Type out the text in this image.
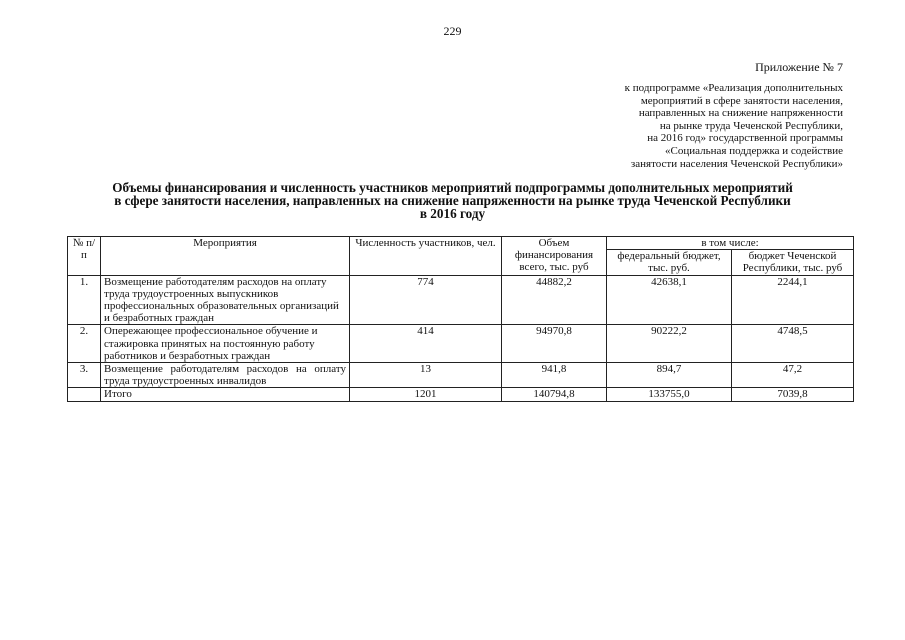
229
Приложение № 7
к подпрограмме «Реализация дополнительных
мероприятий в сфере занятости населения,
направленных на снижение напряженности
на рынке труда Чеченской Республики,
на 2016 год» государственной программы
«Социальная поддержка и содействие
занятости населения Чеченской Республики»
Объемы финансирования и численность участников мероприятий подпрограммы дополнительных мероприятий
в сфере занятости населения, направленных на снижение напряженности на рынке труда Чеченской Республики
в 2016 году
№ п/п	Мероприятия	Численность участников, чел.	Объем финансирования всего, тыс. руб	в том числе:	
				федеральный бюджет, тыс. руб.	бюджет Чеченской Республики, тыс. руб
1.	Возмещение работодателям расходов на оплату труда трудоустроенных выпускников профессиональных образовательных организаций и безработных граждан	774	44882,2	42638,1	2244,1
2.	Опережающее профессиональное обучение и стажировка принятых на постоянную работу работников и безработных граждан	414	94970,8	90222,2	4748,5
3.	Возмещение работодателям расходов на оплату труда трудоустроенных инвалидов	13	941,8	894,7	47,2
	Итого	1201	140794,8	133755,0	7039,8
